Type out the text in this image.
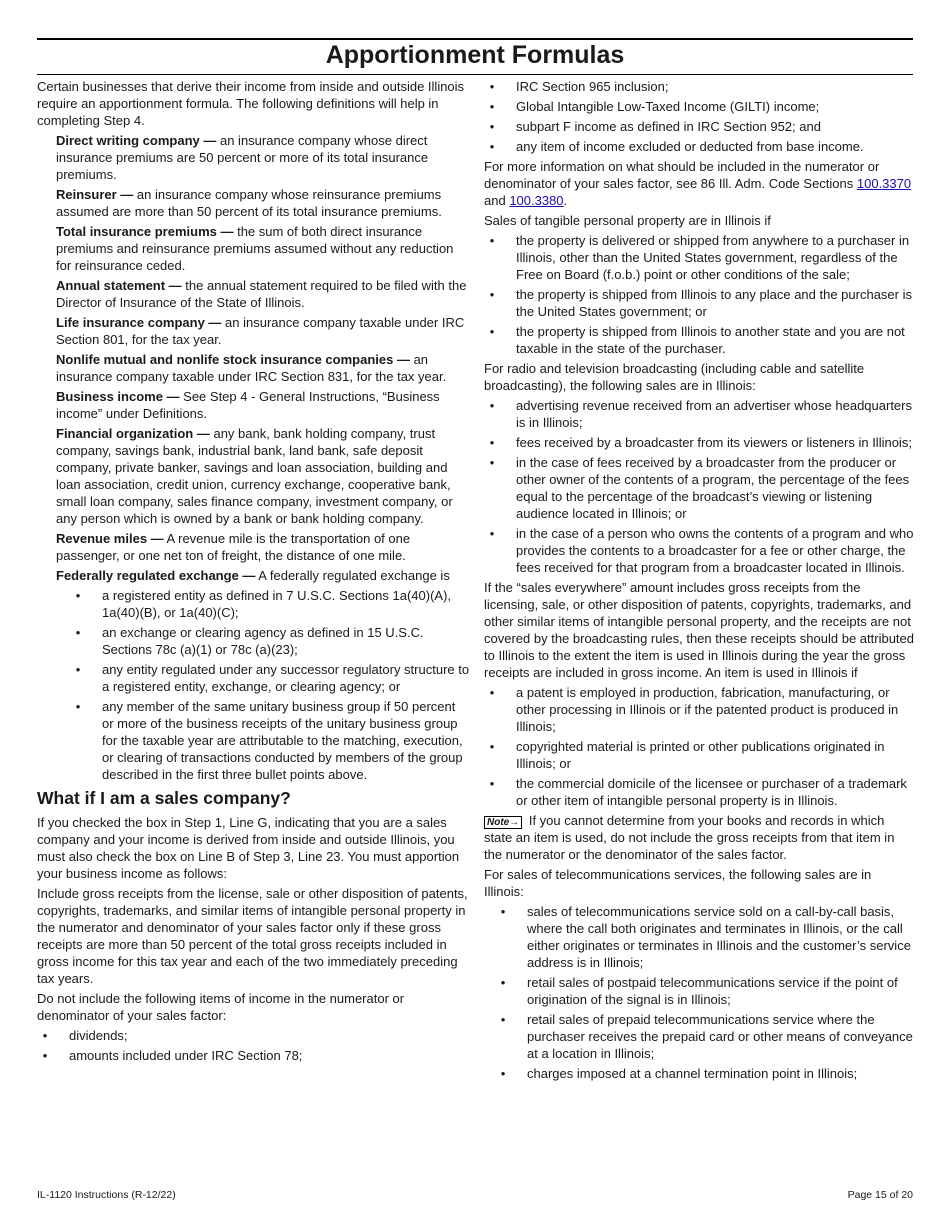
Apportionment Formulas

Certain businesses that derive their income from inside and outside Illinois require an apportionment formula. The following definitions will help in completing Step 4.

Direct writing company — an insurance company whose direct insurance premiums are 50 percent or more of its total insurance premiums.

Reinsurer — an insurance company whose reinsurance premiums assumed are more than 50 percent of its total insurance premiums.

Total insurance premiums — the sum of both direct insurance premiums and reinsurance premiums assumed without any reduction for reinsurance ceded.

Annual statement — the annual statement required to be filed with the Director of Insurance of the State of Illinois.

Life insurance company — an insurance company taxable under IRC Section 801, for the tax year.

Nonlife mutual and nonlife stock insurance companies — an insurance company taxable under IRC Section 831, for the tax year.

Business income — See Step 4 - General Instructions, “Business income” under Definitions.

Financial organization — any bank, bank holding company, trust company, savings bank, industrial bank, land bank, safe deposit company, private banker, savings and loan association, building and loan association, credit union, currency exchange, cooperative bank, small loan company, sales finance company, investment company, or any person which is owned by a bank or bank holding company.

Revenue miles — A revenue mile is the transportation of one passenger, or one net ton of freight, the distance of one mile.

Federally regulated exchange — A federally regulated exchange is

• a registered entity as defined in 7 U.S.C. Sections 1a(40)(A), 1a(40)(B), or 1a(40)(C);
• an exchange or clearing agency as defined in 15 U.S.C. Sections 78c (a)(1) or 78c (a)(23);
• any entity regulated under any successor regulatory structure to a registered entity, exchange, or clearing agency; or
• any member of the same unitary business group if 50 percent or more of the business receipts of the unitary business group for the taxable year are attributable to the matching, execution, or clearing of transactions conducted by members of the group described in the first three bullet points above.
What if I am a sales company?

If you checked the box in Step 1, Line G, indicating that you are a sales company and your income is derived from inside and outside Illinois, you must also check the box on Line B of Step 3, Line 23. You must apportion your business income as follows:

Include gross receipts from the license, sale or other disposition of patents, copyrights, trademarks, and similar items of intangible personal property in the numerator and denominator of your sales factor only if these gross receipts are more than 50 percent of the total gross receipts included in gross income for this tax year and each of the two immediately preceding tax years.

Do not include the following items of income in the numerator or denominator of your sales factor:

• dividends;
• amounts included under IRC Section 78;
• IRC Section 965 inclusion;
• Global Intangible Low-Taxed Income (GILTI) income;
• subpart F income as defined in IRC Section 952; and
• any item of income excluded or deducted from base income.

For more information on what should be included in the numerator or denominator of your sales factor, see 86 Ill. Adm. Code Sections 100.3370 and 100.3380.

Sales of tangible personal property are in Illinois if

• the property is delivered or shipped from anywhere to a purchaser in Illinois, other than the United States government, regardless of the Free on Board (f.o.b.) point or other conditions of the sale;
• the property is shipped from Illinois to any place and the purchaser is the United States government; or
• the property is shipped from Illinois to another state and you are not taxable in the state of the purchaser.

For radio and television broadcasting (including cable and satellite broadcasting), the following sales are in Illinois:

• advertising revenue received from an advertiser whose headquarters is in Illinois;
• fees received by a broadcaster from its viewers or listeners in Illinois;
• in the case of fees received by a broadcaster from the producer or other owner of the contents of a program, the percentage of the fees equal to the percentage of the broadcast’s viewing or listening audience located in Illinois; or
• in the case of a person who owns the contents of a program and who provides the contents to a broadcaster for a fee or other charge, the fees received for that program from a broadcaster located in Illinois.

If the “sales everywhere” amount includes gross receipts from the licensing, sale, or other disposition of patents, copyrights, trademarks, and other similar items of intangible personal property, and the receipts are not covered by the broadcasting rules, then these receipts should be attributed to Illinois to the extent the item is used in Illinois during the year the gross receipts are included in gross income. An item is used in Illinois if

• a patent is employed in production, fabrication, manufacturing, or other processing in Illinois or if the patented product is produced in Illinois;
• copyrighted material is printed or other publications originated in Illinois; or
• the commercial domicile of the licensee or purchaser of a trademark or other item of intangible personal property is in Illinois.

Note→ If you cannot determine from your books and records in which state an item is used, do not include the gross receipts from that item in the numerator or the denominator of the sales factor.

For sales of telecommunications services, the following sales are in Illinois:

• sales of telecommunications service sold on a call-by-call basis, where the call both originates and terminates in Illinois, or the call either originates or terminates in Illinois and the customer’s service address is in Illinois;
• retail sales of postpaid telecommunications service if the point of origination of the signal is in Illinois;
• retail sales of prepaid telecommunications service where the purchaser receives the prepaid card or other means of conveyance at a location in Illinois;
• charges imposed at a channel termination point in Illinois;
IL-1120 Instructions (R-12/22)	Page 15 of 20
